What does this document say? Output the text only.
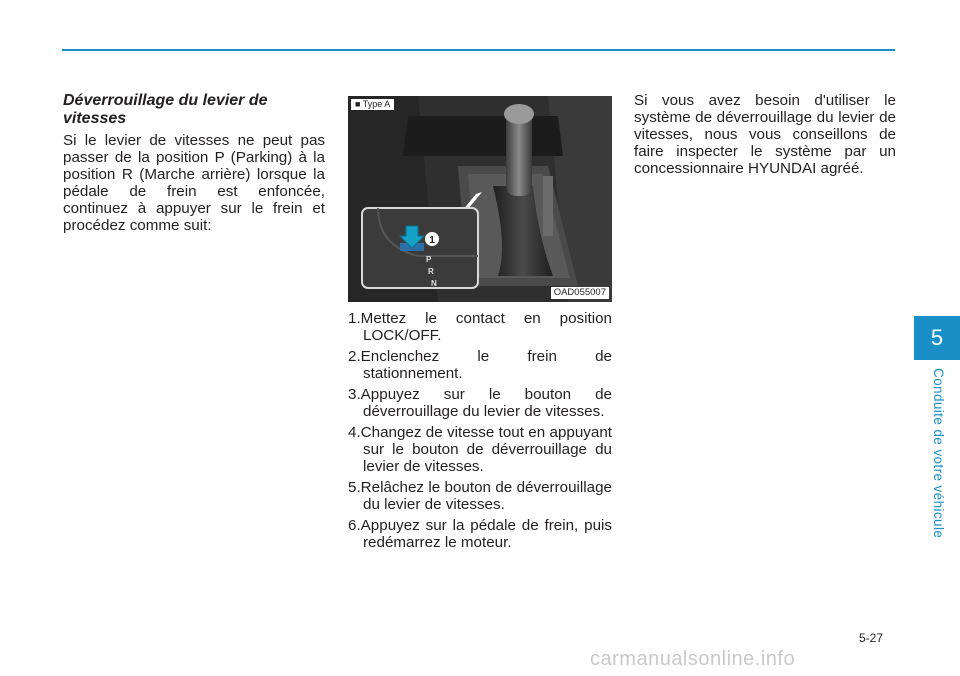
Déverrouillage du levier de vitesses

Si le levier de vitesses ne peut pas passer de la position P (Parking) à la position R (Marche arrière) lorsque la pédale de frein est enfoncée, continuez à appuyer sur le frein et procédez comme suit:

1
P
R
N
■ Type A
OAD055007
1.Mettez le contact en position LOCK/OFF.
2.Enclenchez le frein de stationnement.
3.Appuyez sur le bouton de déverrouillage du levier de vitesses.
4.Changez de vitesse tout en appuyant sur le bouton de déverrouillage du levier de vitesses.
5.Relâchez le bouton de déverrouillage du levier de vitesses.
6.Appuyez sur la pédale de frein, puis redémarrez le moteur.

Si vous avez besoin d'utiliser le système de déverrouillage du levier de vitesses, nous vous conseillons de faire inspecter le système par un concessionnaire HYUNDAI agréé.

5
Conduite de votre véhicule
5-27
carmanualsonline.info
